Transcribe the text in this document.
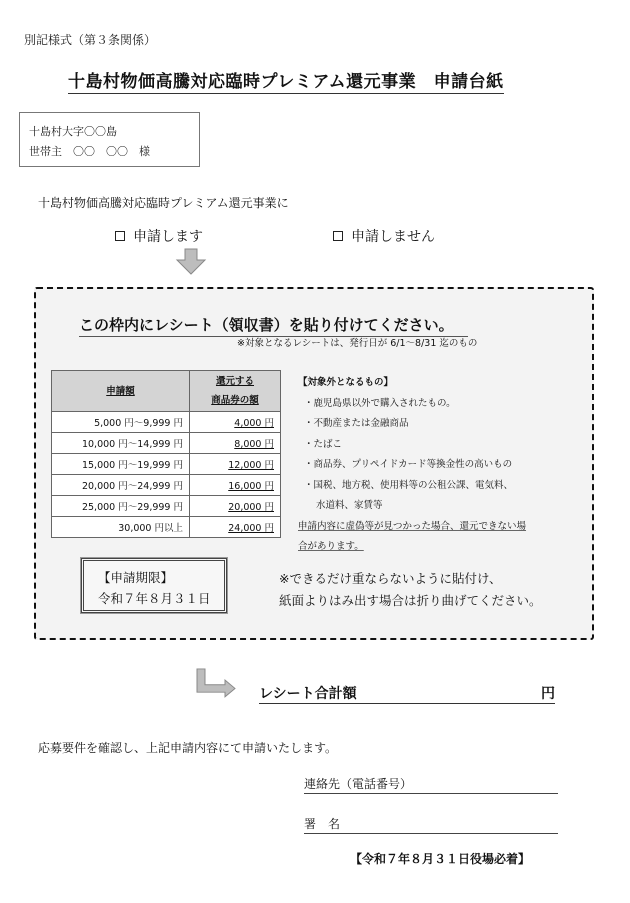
別記様式（第３条関係）
十島村物価高騰対応臨時プレミアム還元事業　申請台紙
十島村大字〇〇島
世帯主　〇〇　〇〇　様
十島村物価高騰対応臨時プレミアム還元事業に
申請します	申請しません
この枠内にレシート（領収書）を貼り付けてください。
※対象となるレシートは、発行日が 6/1～8/31 迄のもの
申請額	還元する
商品券の額
5,000 円～9,999 円	4,000 円
10,000 円～14,999 円	8,000 円
15,000 円～19,999 円	12,000 円
20,000 円～24,999 円	16,000 円
25,000 円～29,999 円	20,000 円
30,000 円以上	24,000 円
【対象外となるもの】
・鹿児島県以外で購入されたもの。
・不動産または金融商品
・たばこ
・商品券、プリペイドカード等換金性の高いもの
・国税、地方税、使用料等の公租公課、電気料、
水道料、家賃等
申請内容に虚偽等が見つかった場合、還元できない場
合があります。
【申請期限】
令和７年８月３１日
※できるだけ重ならないように貼付け、
紙面よりはみ出す場合は折り曲げてください。
レシート合計額	円
応募要件を確認し、上記申請内容にて申請いたします。
連絡先（電話番号）
署　名
【令和７年８月３１日役場必着】
